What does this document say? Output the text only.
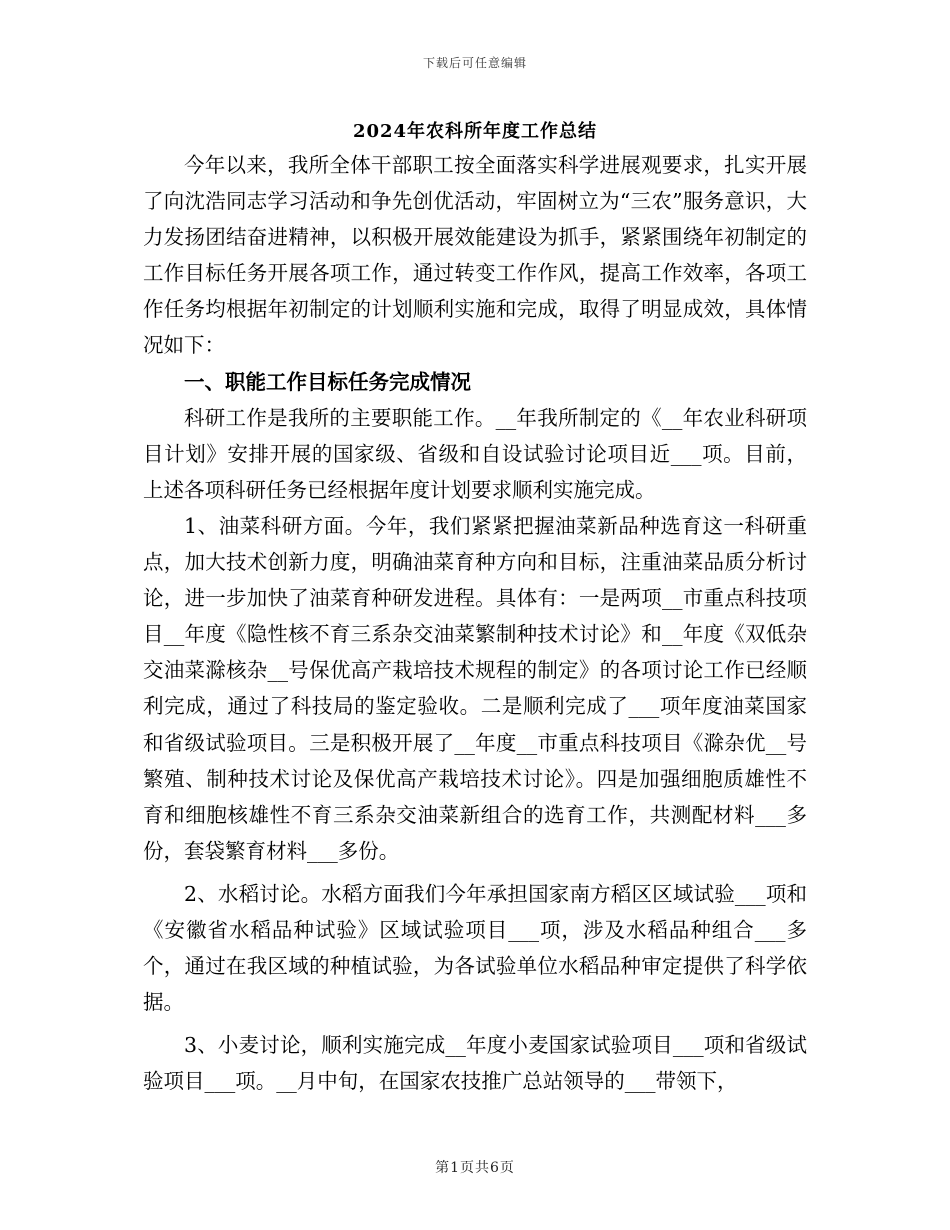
下载后可任意编辑
2024年农科所年度工作总结

今年以来，我所全体干部职工按全面落实科学进展观要求，扎实开展了向沈浩同志学习活动和争先创优活动，牢固树立为“三农”服务意识，大力发扬团结奋进精神，以积极开展效能建设为抓手，紧紧围绕年初制定的工作目标任务开展各项工作，通过转变工作作风，提高工作效率，各项工作任务均根据年初制定的计划顺利实施和完成，取得了明显成效，具体情况如下：

一、职能工作目标任务完成情况

科研工作是我所的主要职能工作。__年我所制定的《__年农业科研项目计划》安排开展的国家级、省级和自设试验讨论项目近___项。目前，上述各项科研任务已经根据年度计划要求顺利实施完成。

1、油菜科研方面。今年，我们紧紧把握油菜新品种选育这一科研重点，加大技术创新力度，明确油菜育种方向和目标，注重油菜品质分析讨论，进一步加快了油菜育种研发进程。具体有：一是两项__市重点科技项目__年度《隐性核不育三系杂交油菜繁制种技术讨论》和__年度《双低杂交油菜滁核杂__号保优高产栽培技术规程的制定》的各项讨论工作已经顺利完成，通过了科技局的鉴定验收。二是顺利完成了___项年度油菜国家和省级试验项目。三是积极开展了__年度__市重点科技项目《滁杂优__号繁殖、制种技术讨论及保优高产栽培技术讨论》。四是加强细胞质雄性不育和细胞核雄性不育三系杂交油菜新组合的选育工作，共测配材料___多份，套袋繁育材料___多份。

2、水稻讨论。水稻方面我们今年承担国家南方稻区区域试验___项和《安徽省水稻品种试验》区域试验项目___项，涉及水稻品种组合___多个，通过在我区域的种植试验，为各试验单位水稻品种审定提供了科学依据。

3、小麦讨论，顺利实施完成__年度小麦国家试验项目___项和省级试验项目___项。__月中旬，在国家农技推广总站领导的___带领下，

第1页共6页
